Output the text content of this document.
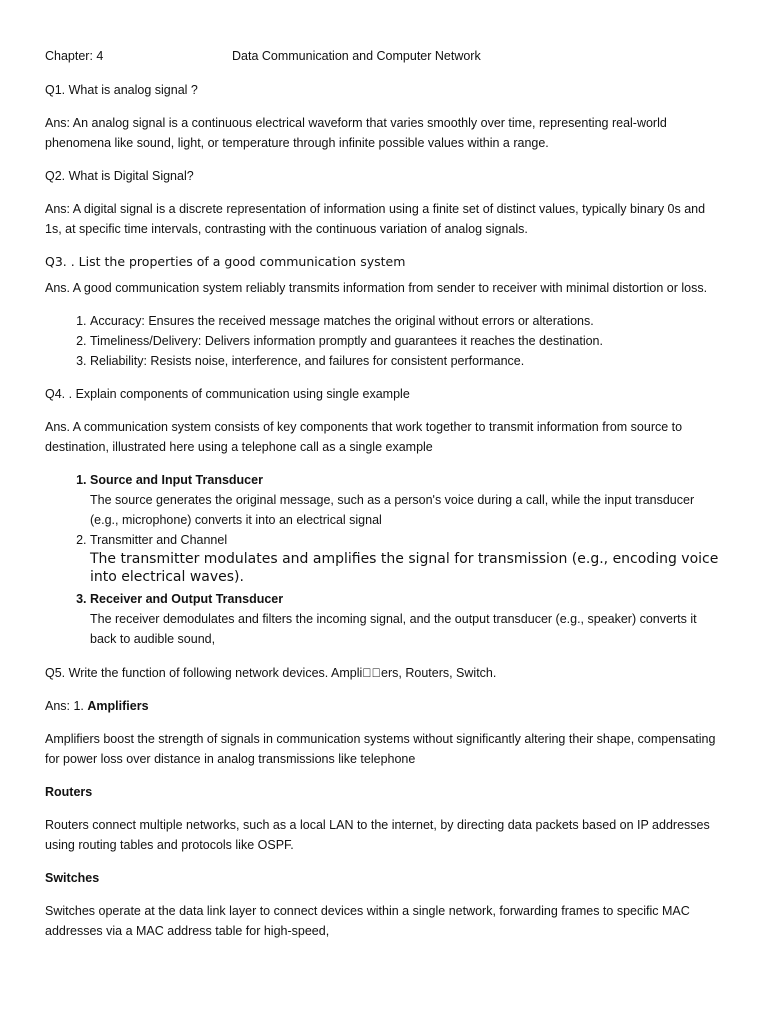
Chapter: 4	Data Communication and Computer Network

Q1. What is analog signal ?

Ans: An analog signal is a continuous electrical waveform that varies smoothly over time, representing real-world phenomena like sound, light, or temperature through infinite possible values within a range.

Q2. What is Digital Signal?

Ans: A digital signal is a discrete representation of information using a finite set of distinct values, typically binary 0s and 1s, at specific time intervals, contrasting with the continuous variation of analog signals.

Q3. . List the properties of a good communication system

Ans. A good communication system reliably transmits information from sender to receiver with minimal distortion or loss.

1. Accuracy: Ensures the received message matches the original without errors or alterations.
2. Timeliness/Delivery: Delivers information promptly and guarantees it reaches the destination.
3. Reliability: Resists noise, interference, and failures for consistent performance.

Q4. . Explain components of communication using single example

Ans. A communication system consists of key components that work together to transmit information from source to destination, illustrated here using a telephone call as a single example

1. Source and Input Transducer
The source generates the original message, such as a person's voice during a call, while the input transducer (e.g., microphone) converts it into an electrical signal
2. Transmitter and Channel
The transmitter modulates and amplifies the signal for transmission (e.g., encoding voice into electrical waves).
3. Receiver and Output Transducer
The receiver demodulates and filters the incoming signal, and the output transducer (e.g., speaker) converts it back to audible sound,

Q5. Write the function of following network devices. Ampli  ers, Routers, Switch.

Ans: 1. Amplifiers

Amplifiers boost the strength of signals in communication systems without significantly altering their shape, compensating for power loss over distance in analog transmissions like telephone

Routers

Routers connect multiple networks, such as a local LAN to the internet, by directing data packets based on IP addresses using routing tables and protocols like OSPF.

Switches

Switches operate at the data link layer to connect devices within a single network, forwarding frames to specific MAC addresses via a MAC address table for high-speed,
